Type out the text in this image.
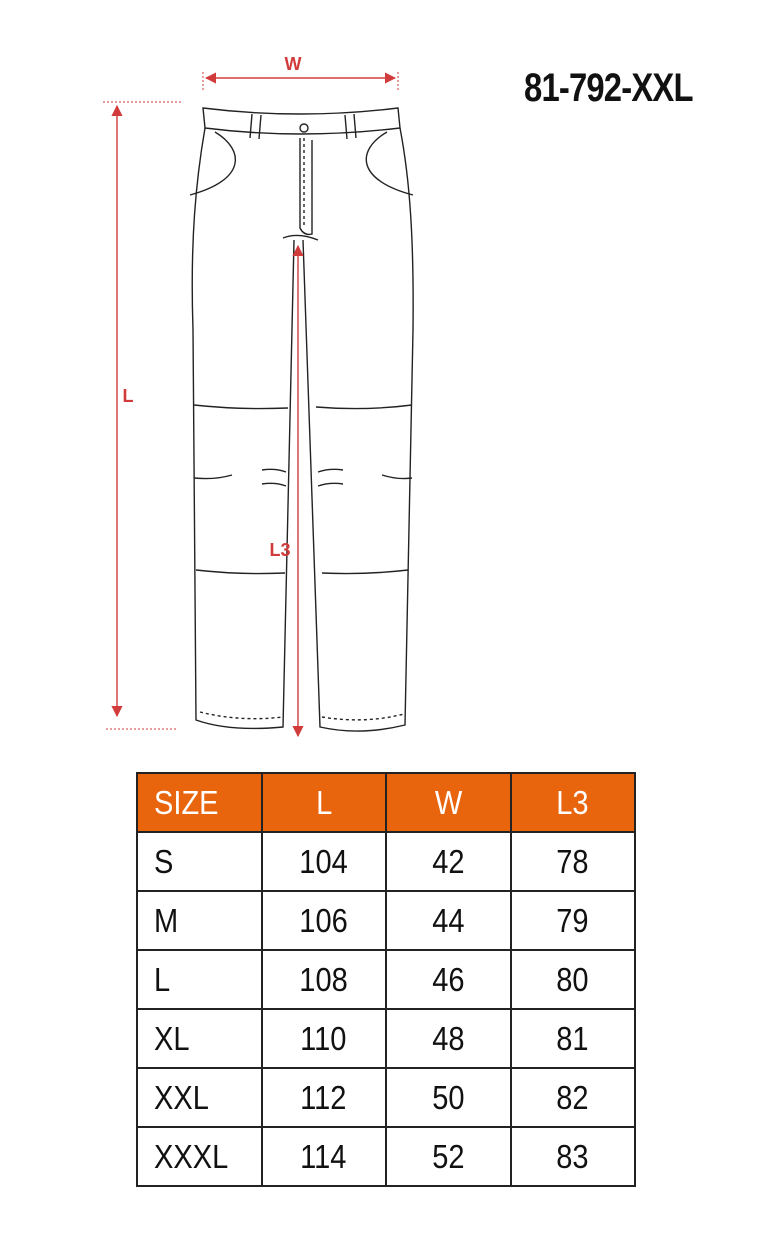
81-792-XXL
W
L
L3
SIZE	L	W	L3
S	104	42	78
M	106	44	79
L	108	46	80
XL	110	48	81
XXL	112	50	82
XXXL	114	52	83
